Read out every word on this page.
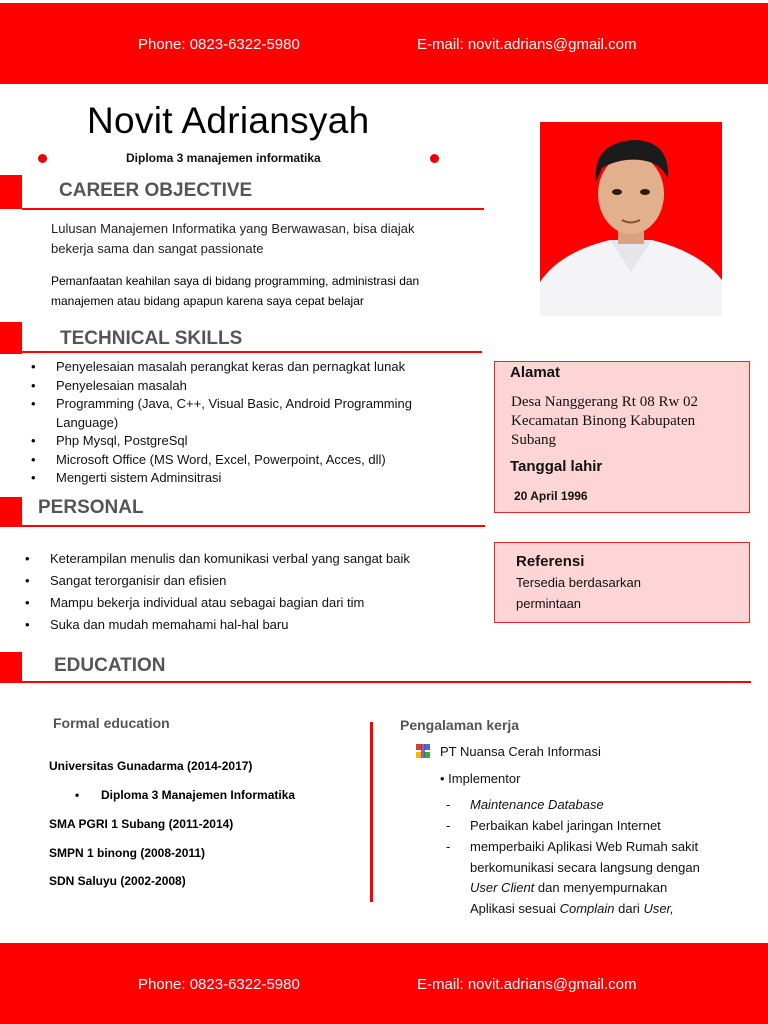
Phone: 0823-6322-5980	E-mail: novit.adrians@gmail.com
Novit Adriansyah
Diploma 3 manajemen informatika
CAREER OBJECTIVE
Lulusan Manajemen Informatika yang Berwawasan, bisa diajak
bekerja sama dan sangat passionate
Pemanfaatan keahilan saya di bidang programming, administrasi dan
manajemen atau bidang apapun karena saya cepat belajar
TECHNICAL SKILLS
• Penyelesaian masalah perangkat keras dan pernagkat lunak
• Penyelesaian masalah
• Programming (Java, C++, Visual Basic, Android Programming
Language)
• Php Mysql, PostgreSql
• Microsoft Office (MS Word, Excel, Powerpoint, Acces, dll)
• Mengerti sistem Adminsitrasi
PERSONAL
• Keterampilan menulis dan komunikasi verbal yang sangat baik
• Sangat terorganisir dan efisien
• Mampu bekerja individual atau sebagai bagian dari tim
• Suka dan mudah memahami hal-hal baru
Alamat
Desa Nanggerang Rt 08 Rw 02
Kecamatan Binong Kabupaten
Subang
Tanggal lahir
20 April 1996
Referensi
Tersedia berdasarkan
permintaan
EDUCATION
Formal education
Universitas Gunadarma (2014-2017)
• Diploma 3 Manajemen Informatika
SMA PGRI 1 Subang (2011-2014)
SMPN 1 binong (2008-2011)
SDN Saluyu (2002-2008)
Pengalaman kerja
PT Nuansa Cerah Informasi
• Implementor
- Maintenance Database
- Perbaikan kabel jaringan Internet
- memperbaiki Aplikasi Web Rumah sakit
berkomunikasi secara langsung dengan
User Client dan menyempurnakan
Aplikasi sesuai Complain dari User,
Phone: 0823-6322-5980	E-mail: novit.adrians@gmail.com
